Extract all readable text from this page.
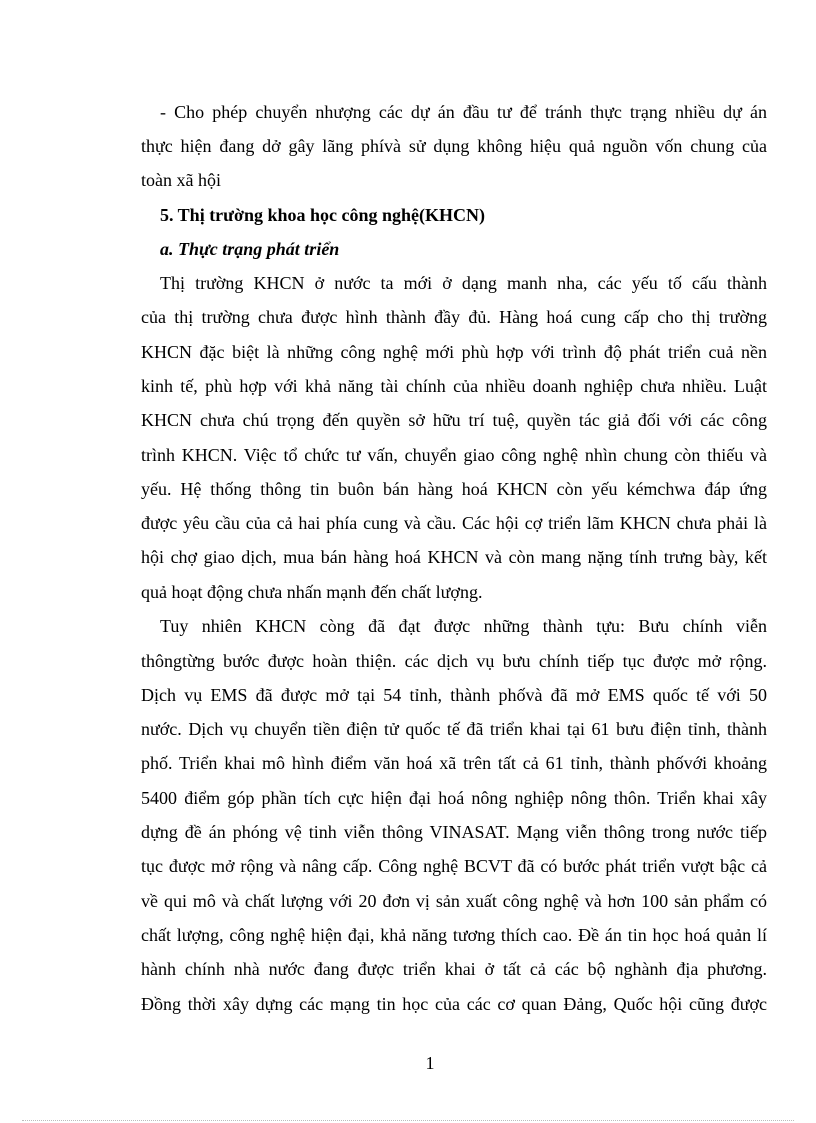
- Cho phép chuyển nhượng các dự án đầu tư để tránh thực trạng nhiều dự án
thực hiện đang dở gây lãng phívà sử dụng không hiệu quả nguồn vốn chung của
toàn xã hội
5. Thị trường khoa học công nghệ(KHCN)
a. Thực trạng phát triển
Thị trường KHCN ở nước ta mới ở dạng manh nha, các yếu tố cấu thành
của thị trường chưa được hình thành đầy đủ. Hàng hoá cung cấp cho thị trường
KHCN đặc biệt là những công nghệ mới phù hợp với trình độ phát triển cuả nền
kinh tế, phù hợp với khả năng tài chính của nhiều doanh nghiệp chưa nhiều. Luật
KHCN chưa chú trọng đến quyền sở hữu trí tuệ, quyền tác giả đối với các công
trình KHCN. Việc tổ chức tư vấn, chuyển giao công nghệ nhìn chung còn thiếu và
yếu. Hệ thống thông tin buôn bán hàng hoá KHCN còn yếu kémchwa đáp ứng
được yêu cầu của cả hai phía cung và cầu. Các hội cợ triển lãm KHCN chưa phải là
hội chợ giao dịch, mua bán hàng hoá KHCN và còn mang nặng tính trưng bày, kết
quả hoạt động chưa nhấn mạnh đến chất lượng.
Tuy nhiên KHCN còng đã đạt được những thành tựu: Bưu chính viễn
thôngtừng bước được hoàn thiện. các dịch vụ bưu chính tiếp tục được mở rộng.
Dịch vụ EMS đã được mở tại 54 tỉnh, thành phốvà đã mở EMS quốc tế với 50
nước. Dịch vụ chuyển tiền điện tử quốc tế đã triển khai tại 61 bưu điện tỉnh, thành
phố. Triển khai mô hình điểm văn hoá xã trên tất cả 61 tỉnh, thành phốvới khoảng
5400 điểm góp phần tích cực hiện đại hoá nông nghiệp nông thôn. Triển khai xây
dựng đề án phóng vệ tinh viễn thông VINASAT. Mạng viễn thông trong nước tiếp
tục được mở rộng và nâng cấp. Công nghệ BCVT đã có bước phát triển vượt bậc cả
về qui mô và chất lượng với 20 đơn vị sản xuất công nghệ và hơn 100 sản phẩm có
chất lượng, công nghệ hiện đại, khả năng tương thích cao. Đề án tin học hoá quản lí
hành chính nhà nước đang được triển khai ở tất cả các bộ nghành địa phương.
Đồng thời xây dựng các mạng tin học của các cơ quan Đảng, Quốc hội cũng được
1
